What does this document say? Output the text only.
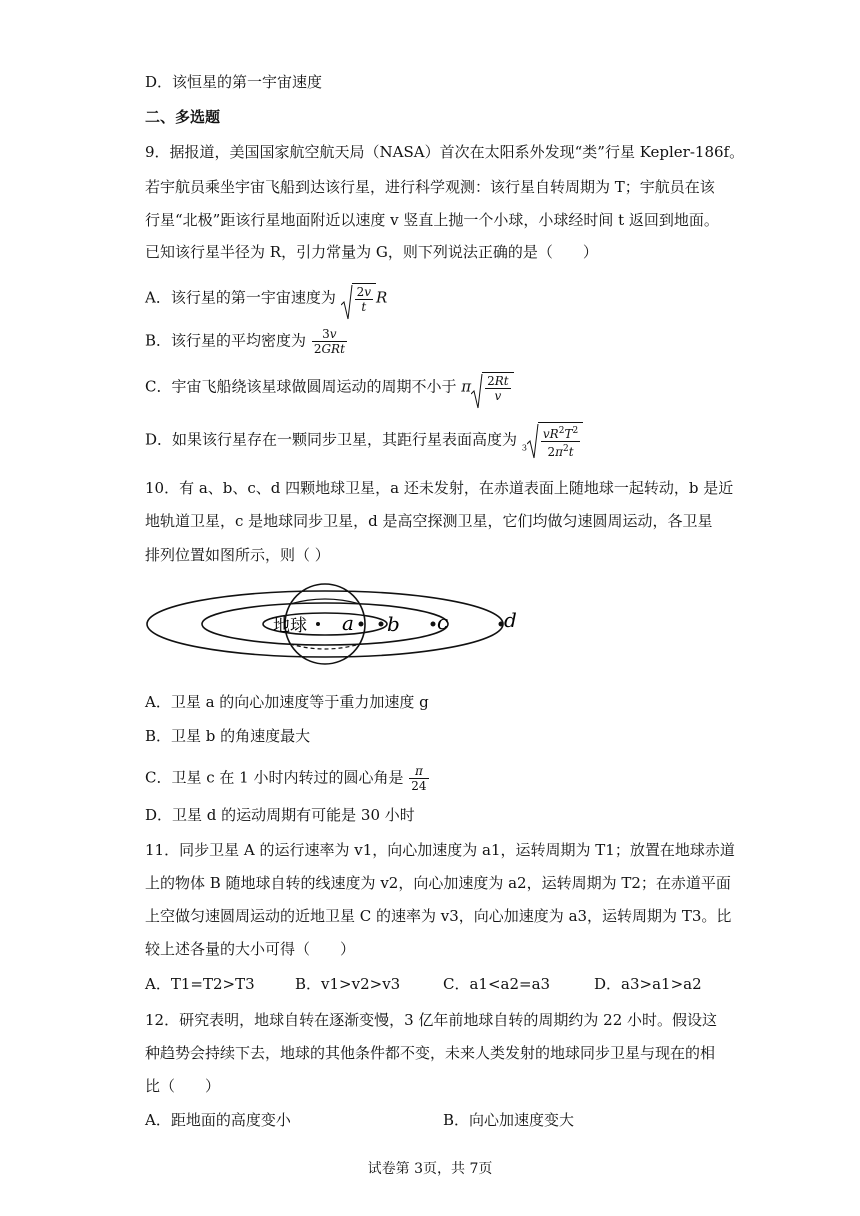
D．该恒星的第一宇宙速度
二、多选题
9．据报道，美国国家航空航天局（NASA）首次在太阳系外发现“类”行星 Kepler-186f。
若宇航员乘坐宇宙飞船到达该行星，进行科学观测：该行星自转周期为 T；宇航员在该
行星“北极”距该行星地面附近以速度 v 竖直上抛一个小球，小球经时间 t 返回到地面。
已知该行星半径为 R，引力常量为 G，则下列说法正确的是（　　）
A．该行星的第一宇宙速度为 $\frac{2v}{t}$ R
B．该行星的平均密度为 $\frac{3v}{\text{2GRt}}$
C．宇宙飞船绕该星球做圆周运动的周期不小于 π $\frac{2Rt}{v}$
D．如果该行星存在一颗同步卫星，其距行星表面高度为 $^3 \frac{vR^2T^2}{2\pi^2t}$
10．有 a、b、c、d 四颗地球卫星，a 还未发射，在赤道表面上随地球一起转动，b 是近
地轨道卫星，c 是地球同步卫星，d 是高空探测卫星，它们均做匀速圆周运动，各卫星
排列位置如图所示，则（ ）
地球 a b c	d
A．卫星 a 的向心加速度等于重力加速度 g
B．卫星 b 的角速度最大
C．卫星 c 在 1 小时内转过的圆心角是 $\frac{\pi}{24}$
D．卫星 d 的运动周期有可能是 30 小时
11．同步卫星 A 的运行速率为 v1，向心加速度为 a1，运转周期为 T1；放置在地球赤道
上的物体 B 随地球自转的线速度为 v2，向心加速度为 a2，运转周期为 T2；在赤道平面
上空做匀速圆周运动的近地卫星 C 的速率为 v3，向心加速度为 a3，运转周期为 T3。比
较上述各量的大小可得（　　）
A．T1=T2>T3	B．v1>v2>v3	C．a1<a2=a3	D．a3>a1>a2
12．研究表明，地球自转在逐渐变慢，3 亿年前地球自转的周期约为 22 小时。假设这
种趋势会持续下去，地球的其他条件都不变，未来人类发射的地球同步卫星与现在的相
比（　　）
A．距地面的高度变小	B．向心加速度变大
试卷第 3页，共 7页
